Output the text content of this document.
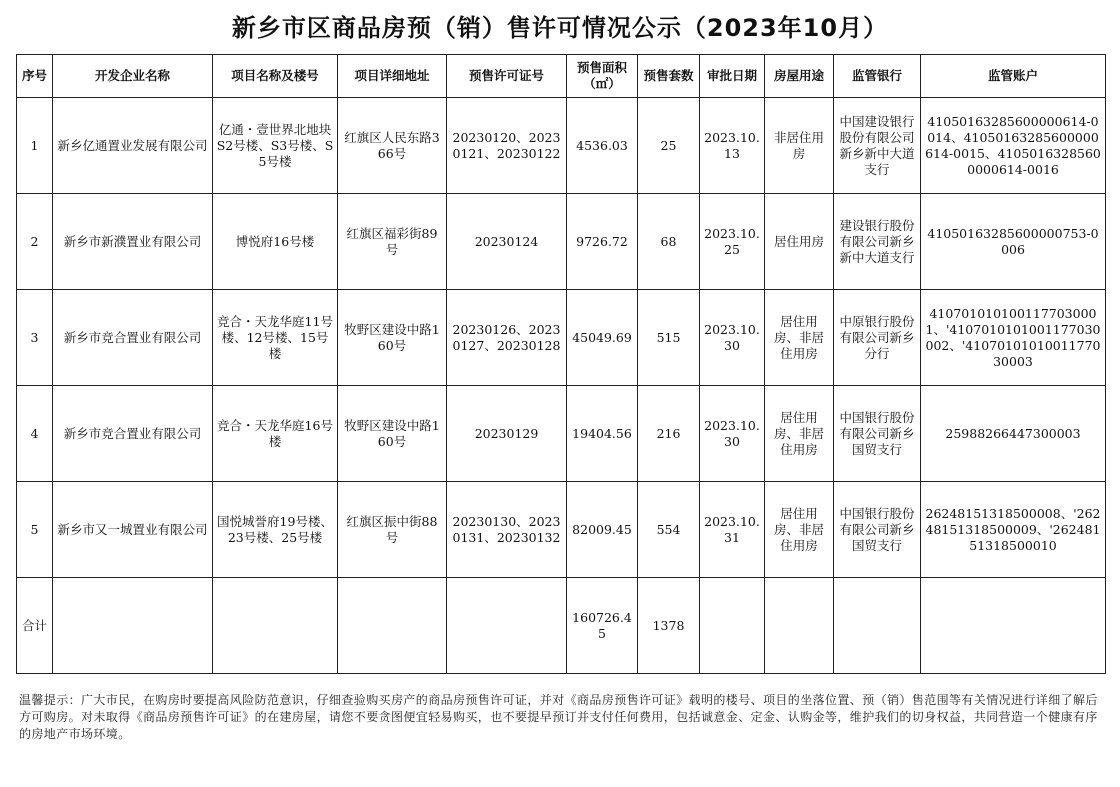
新乡市区商品房预（销）售许可情况公示（2023年10月）
序号	开发企业名称	项目名称及楼号	项目详细地址	预售许可证号	预售面积（㎡）	预售套数	审批日期	房屋用途	监管银行	监管账户
1	新乡亿通置业发展有限公司	亿通・壹世界北地块S2号楼、S3号楼、S5号楼	红旗区人民东路366号	20230120、20230121、20230122	4536.03	25	2023.10.13	非居住用房	中国建设银行股份有限公司新乡新中大道支行	41050163285600000614-0014、41050163285600000614-0015、41050163285600000614-0016
2	新乡市新濮置业有限公司	博悦府16号楼	红旗区福彩街89号	20230124	9726.72	68	2023.10.25	居住用房	建设银行股份有限公司新乡新中大道支行	41050163285600000753-0006
3	新乡市竞合置业有限公司	竞合・天龙华庭11号楼、12号楼、15号楼	牧野区建设中路160号	20230126、20230127、20230128	45049.69	515	2023.10.30	居住用房、非居住用房	中原银行股份有限公司新乡分行	410701010100117703000​1、'41070101010011770300​02、'41070101010011770300​03
4	新乡市竞合置业有限公司	竞合・天龙华庭16号楼	牧野区建设中路160号	20230129	19404.56	216	2023.10.30	居住用房、非居住用房	中国银行股份有限公司新乡国贸支行	25988266447300003
5	新乡市又一城置业有限公司	国悦城誉府19号楼、23号楼、25号楼	红旗区振中街88号	20230130、20230131、20230132	82009.45	554	2023.10.31	居住用房、非居住用房	中国银行股份有限公司新乡国贸支行	262481513185000​08、'26248151318500009、'26248151318500010
合计					160726.45	1378				
温馨提示：广大市民，在购房时要提高风险防范意识，仔细查验购买房产的商品房预售许可证，并对《商品房预售许可证》载明的楼号、项目的坐落位置、预（销）售范围等有关情况进行详细了解后方可购房。对未取得《商品房预售许可证》的在建房屋，请您不要贪图便宜轻易购买，也不要提早预订并支付任何费用，包括诚意金、定金、认购金等，维护我们的切身权益，共同营造一个健康有序的房地产市场环境。
